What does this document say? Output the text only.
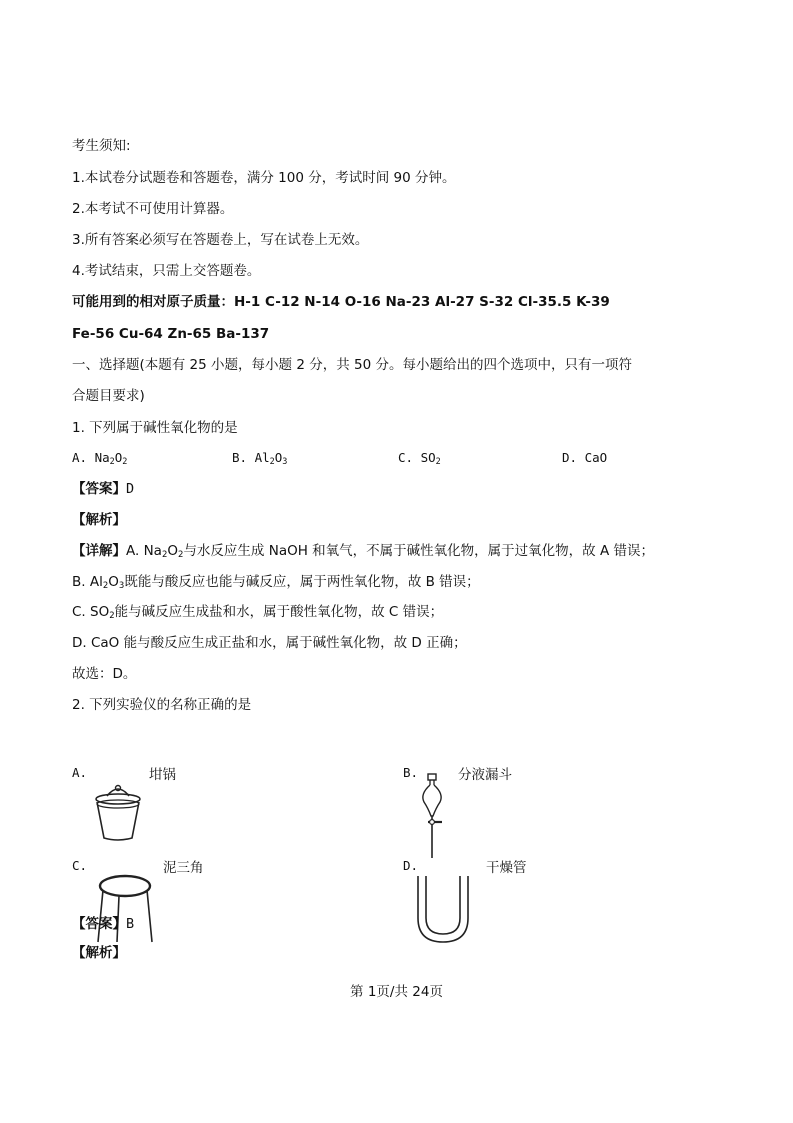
考生须知:
1.本试卷分试题卷和答题卷，满分 100 分，考试时间 90 分钟。
2.本考试不可使用计算器。
3.所有答案必须写在答题卷上，写在试卷上无效。
4.考试结束，只需上交答题卷。
可能用到的相对原子质量：H-1 C-12 N-14 O-16 Na-23 Al-27 S-32 Cl-35.5 K-39
Fe-56 Cu-64 Zn-65 Ba-137
一、选择题(本题有 25 小题，每小题 2 分，共 50 分。每小题给出的四个选项中，只有一项符
合题目要求)
1. 下列属于碱性氧化物的是
A. $Na_2O_2$	B. $Al_2O_3$	C. $SO_2$	D. CaO
【答案】D
【解析】
【详解】A. $Na_2O_2$与水反应生成 NaOH 和氧气，不属于碱性氧化物，属于过氧化物，故 A 错误；
B. $Al_2O_3$既能与酸反应也能与碱反应，属于两性氧化物，故 B 错误；
C. $SO_2$能与碱反应生成盐和水，属于酸性氧化物，故 C 错误；
D. CaO 能与酸反应生成正盐和水，属于碱性氧化物，故 D 正确；
故选：D。
2. 下列实验仪的名称正确的是
A.	坩锅	B.	分液漏斗
C.	泥三角	D.	干燥管
【答案】B
【解析】
第 1页/共 24页
